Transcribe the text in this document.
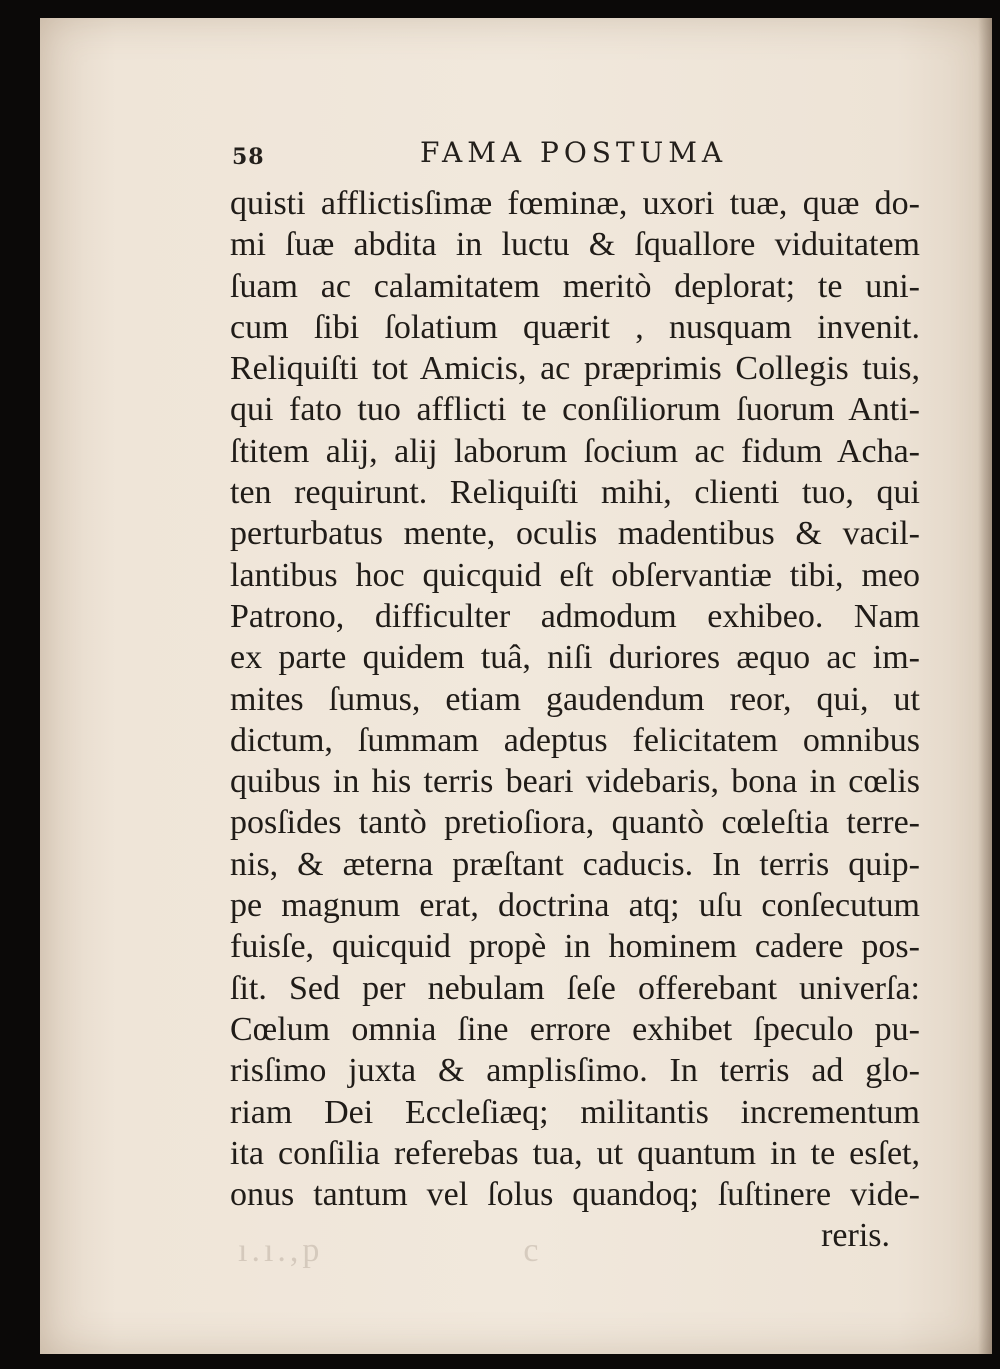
58	FAMA POSTUMA
quisti afflictisſimæ fœminæ, uxori tuæ, quæ do-
mi ſuæ abdita in luctu & ſquallore viduitatem
ſuam ac calamitatem meritò deplorat; te uni-
cum ſibi ſolatium quærit , nusquam invenit.
Reliquiſti tot Amicis, ac præprimis Collegis tuis,
qui fato tuo afflicti te conſiliorum ſuorum Anti-
ſtitem alij, alij laborum ſocium ac fidum Acha-
ten requirunt. Reliquiſti mihi, clienti tuo, qui
perturbatus mente, oculis madentibus & vacil-
lantibus hoc quicquid eſt obſervantiæ tibi, meo
Patrono, difficulter admodum exhibeo. Nam
ex parte quidem tuâ, niſi duriores æquo ac im-
mites ſumus, etiam gaudendum reor, qui, ut
dictum, ſummam adeptus felicitatem omnibus
quibus in his terris beari videbaris, bona in cœlis
posſides tantò pretioſiora, quantò cœleſtia terre-
nis, & æterna præſtant caducis. In terris quip-
pe magnum erat, doctrina atq; uſu conſecutum
fuisſe, quicquid propè in hominem cadere pos-
ſit. Sed per nebulam ſeſe offerebant univerſa:
Cœlum omnia ſine errore exhibet ſpeculo pu-
risſimo juxta & amplisſimo. In terris ad glo-
riam Dei Eccleſiæq; militantis incrementum
ita conſilia referebas tua, ut quantum in te esſet,
onus tantum vel ſolus quandoq; ſuſtinere vide-
reris.
ı.ı.,p                c
